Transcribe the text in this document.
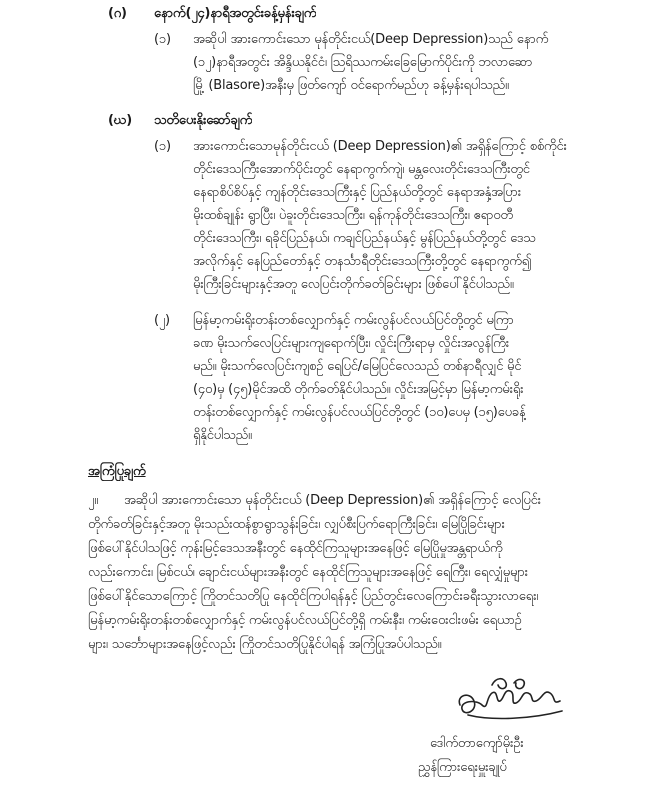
(ဂ) နောက်(၂၄)နာရီအတွင်းခန့်မှန်းချက်
(၁) အဆိုပါ အားကောင်းသော မုန်တိုင်းငယ်(Deep Depression)သည် နောက်
(၁၂)နာရီအတွင်း အိန္ဒိယနိုင်ငံ၊ ဩရိဿကမ်းခြေမြောက်ပိုင်းကို ဘလာဆော
မြို့ (Blasore)အနီးမှ ဖြတ်ကျော် ဝင်ရောက်မည်ဟု ခန့်မှန်းရပါသည်။
(ဃ) သတိပေးနိုးဆော်ချက်
(၁) အားကောင်းသောမုန်တိုင်းငယ် (Deep Depression)၏ အရှိန်ကြောင့် စစ်ကိုင်း
တိုင်းဒေသကြီးအောက်ပိုင်းတွင် နေရာကွက်ကျဲ၊ မန္တလေးတိုင်းဒေသကြီးတွင်
နေရာစိပ်စိပ်နှင့် ကျန်တိုင်းဒေသကြီးနှင့် ပြည်နယ်တို့တွင် နေရာအနှံ့အပြား
မိုးထစ်ချုန်း ရွာပြီး၊ ပဲခူးတိုင်းဒေသကြီး၊ ရန်ကုန်တိုင်းဒေသကြီး၊ ဧရာဝတီ
တိုင်းဒေသကြီး၊ ရခိုင်ပြည်နယ်၊ ကချင်ပြည်နယ်နှင့် မွန်ပြည်နယ်တို့တွင် ဒေသ
အလိုက်နှင့် နေပြည်တော်နှင့် တနင်္သာရီတိုင်းဒေသကြီးတို့တွင် နေရာကွက်၍
မိုးကြီးခြင်းများနှင့်အတူ လေပြင်းတိုက်ခတ်ခြင်းများ ဖြစ်ပေါ်နိုင်ပါသည်။
(၂) မြန်မာ့ကမ်းရိုးတန်းတစ်လျှောက်နှင့် ကမ်းလွန်ပင်လယ်ပြင်တို့တွင် မကြာ
ခဏ မိုးသက်လေပြင်းများကျရောက်ပြီး၊ လှိုင်းကြီးရာမှ လှိုင်းအလွန်ကြီး
မည်။ မိုးသက်လေပြင်းကျစဉ် ရေပြင်/မြေပြင်လေသည် တစ်နာရီလျှင် မိုင်
(၄၀)မှ (၄၅)မိုင်အထိ တိုက်ခတ်နိုင်ပါသည်။ လှိုင်းအမြင့်မှာ မြန်မာ့ကမ်းရိုး
တန်းတစ်လျှောက်နှင့် ကမ်းလွန်ပင်လယ်ပြင်တို့တွင် (၁၀)ပေမှ (၁၅)ပေခန့်
ရှိနိုင်ပါသည်။
အကြံပြုချက်
၂။ အဆိုပါ အားကောင်းသော မုန်တိုင်းငယ် (Deep Depression)၏ အရှိန်ကြောင့် လေပြင်း
တိုက်ခတ်ခြင်းနှင့်အတူ မိုးသည်းထန်စွာရွာသွန်းခြင်း၊ လျှပ်စီးပြက်ရောကြီးခြင်း၊ မြေပြိုခြင်းများ
ဖြစ်ပေါ်နိုင်ပါသဖြင့် ကုန်းမြင့်ဒေသအနီးတွင် နေထိုင်ကြသူများအနေဖြင့် မြေပြိုမှုအန္တရာယ်ကို
လည်းကောင်း၊ မြစ်ငယ်၊ ချောင်းငယ်များအနီးတွင် နေထိုင်ကြသူများအနေဖြင့် ရေကြီး၊ ရေလျှံမှုများ
ဖြစ်ပေါ်နိုင်သောကြောင့် ကြိုတင်သတိပြု နေထိုင်ကြပါရန်နှင့် ပြည်တွင်းလေကြောင်းခရီးသွားလာရေး၊
မြန်မာ့ကမ်းရိုးတန်းတစ်လျှောက်နှင့် ကမ်းလွန်ပင်လယ်ပြင်တို့ရှိ ကမ်းနီး၊ ကမ်းဝေးငါးဖမ်း ရေယာဉ်
များ၊ သင်္ဘောများအနေဖြင့်လည်း ကြိုတင်သတိပြုနိုင်ပါရန် အကြံပြုအပ်ပါသည်။
ဒေါက်တာကျော်မိုးဦး
ညွှန်ကြားရေးမှူးချုပ်
